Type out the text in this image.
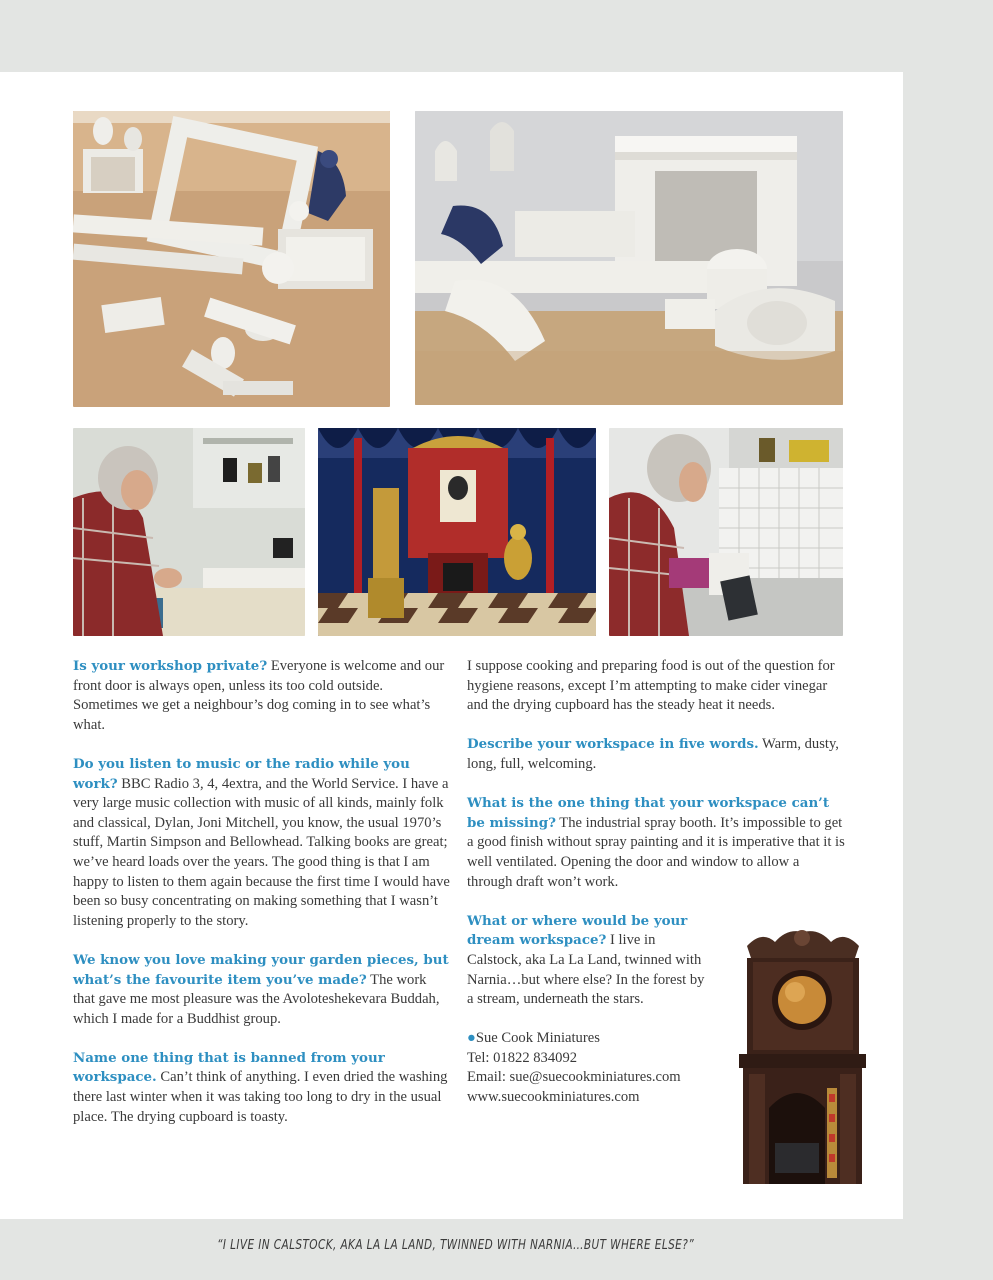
Is your workshop private? Everyone is welcome and our front door is always open, unless its too cold outside. Sometimes we get a neighbour’s dog coming in to see what’s what.

Do you listen to music or the radio while you work? BBC Radio 3, 4, 4extra, and the World Service. I have a very large music collection with music of all kinds, mainly folk and classical, Dylan, Joni Mitchell, you know, the usual 1970’s stuff, Martin Simpson and Bellowhead. Talking books are great; we’ve heard loads over the years. The good thing is that I am happy to listen to them again because the first time I would have been so busy concentrating on making something that I wasn’t listening properly to the story.

We know you love making your garden pieces, but what’s the favourite item you’ve made? The work that gave me most pleasure was the Avoloteshekevara Buddah, which I made for a Buddhist group.

Name one thing that is banned from your workspace. Can’t think of anything. I even dried the washing there last winter when it was taking too long to dry in the usual place. The drying cupboard is toasty.

I suppose cooking and preparing food is out of the question for hygiene reasons, except I’m attempting to make cider vinegar and the drying cupboard has the steady heat it needs.

Describe your workspace in five words. Warm, dusty, long, full, welcoming.

What is the one thing that your workspace can’t be missing? The industrial spray booth. It’s impossible to get a good finish without spray painting and it is imperative that it is well ventilated. Opening the door and window to allow a through draft won’t work.

What or where would be your dream workspace? I live in Calstock, aka La La Land, twinned with Narnia…but where else? In the forest by a stream, underneath the stars.

●Sue Cook Miniatures
Tel: 01822 834092
Email: sue@suecookminiatures.com
www.suecookminiatures.com
“I LIVE IN CALSTOCK, AKA LA LA LAND, TWINNED WITH NARNIA…BUT WHERE ELSE?”
